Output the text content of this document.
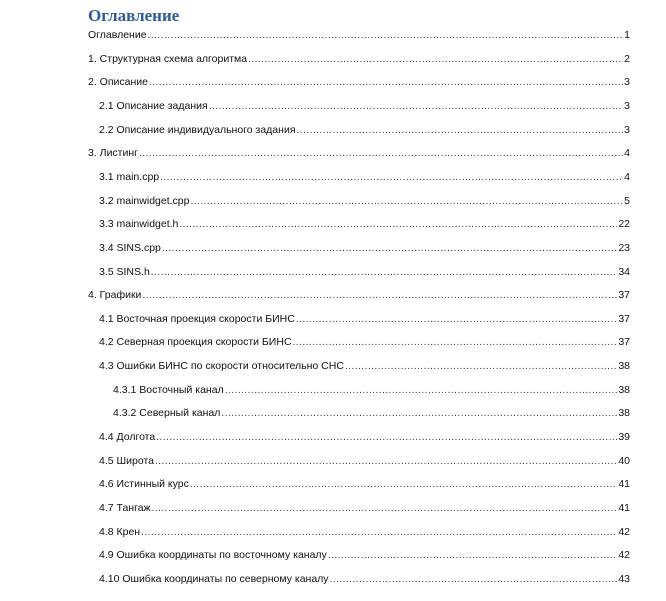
Оглавление
Оглавление .....	1
1. Структурная схема алгоритма .....	2
2. Описание .....	3
2.1 Описание задания .....	3
2.2 Описание индивидуального задания .....	3
3. Листинг .....	4
3.1 main.cpp .....	4
3.2 mainwidget.cpp .....	5
3.3 mainwidget.h .....	22
3.4 SINS.cpp .....	23
3.5 SINS.h .....	34
4. Графики .....	37
4.1 Восточная проекция скорости БИНС .....	37
4.2 Северная проекция скорости БИНС .....	37
4.3 Ошибки БИНС по скорости относительно СНС .....	38
4.3.1 Восточный канал .....	38
4.3.2 Северный канал .....	38
4.4 Долгота .....	39
4.5 Широта .....	40
4.6 Истинный курс .....	41
4.7 Тангаж .....	41
4.8 Крен .....	42
4.9 Ошибка координаты по восточному каналу .....	42
4.10 Ошибка координаты по северному каналу .....	43
